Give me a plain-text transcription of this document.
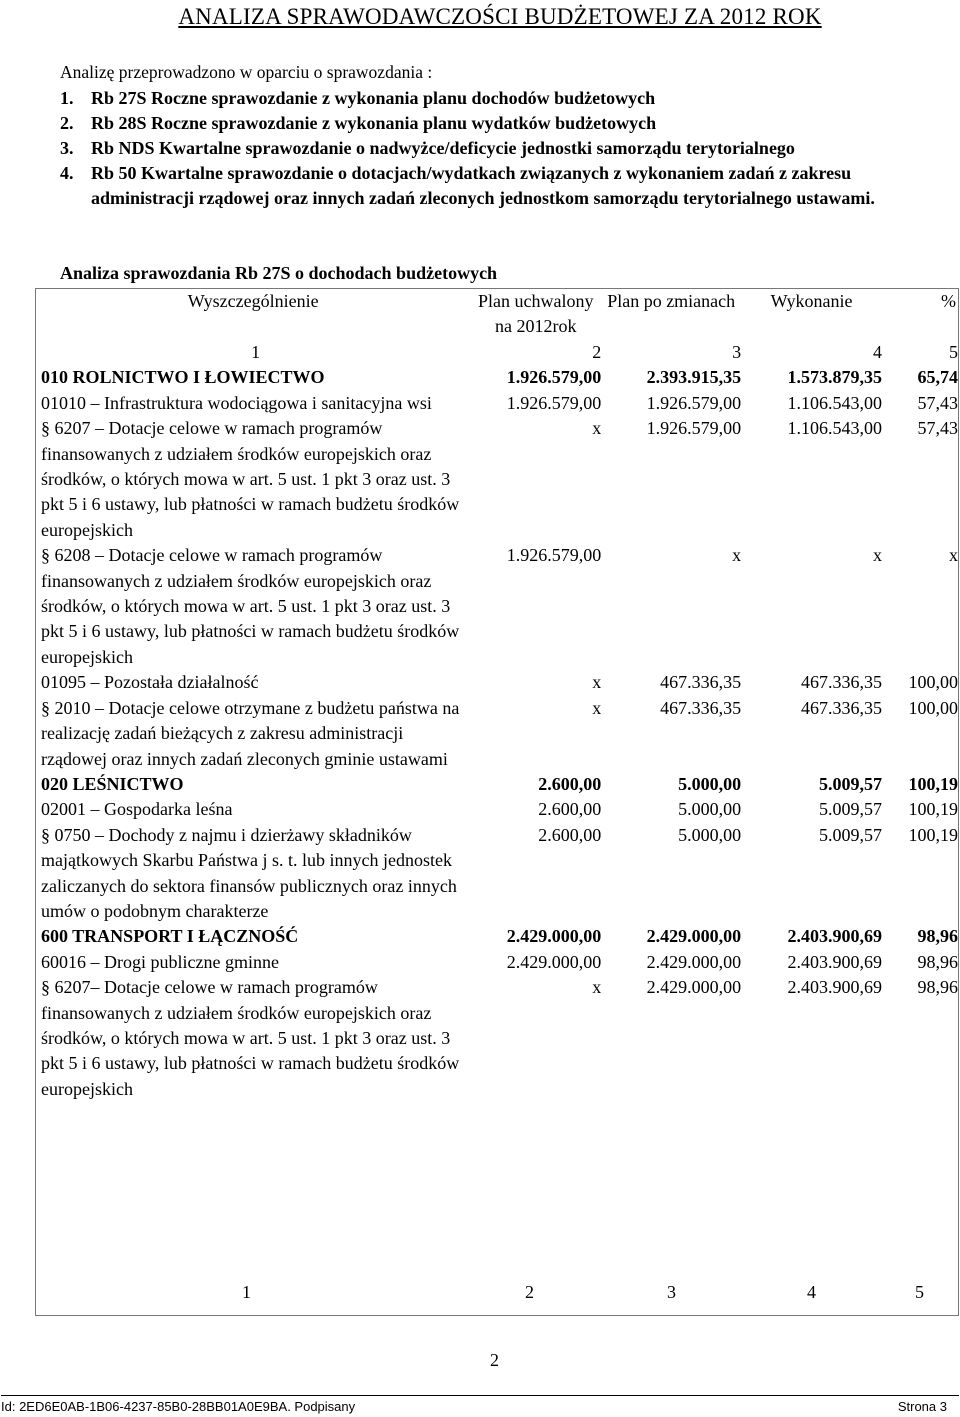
ANALIZA SPRAWODAWCZOŚCI BUDŻETOWEJ ZA 2012 ROK
Analizę przeprowadzono w oparciu o sprawozdania :
1. Rb 27S Roczne sprawozdanie z wykonania planu dochodów budżetowych
2. Rb 28S Roczne sprawozdanie z wykonania planu wydatków budżetowych
3. Rb NDS Kwartalne sprawozdanie o nadwyżce/deficycie jednostki samorządu terytorialnego
4. Rb 50 Kwartalne sprawozdanie o dotacjach/wydatkach związanych z wykonaniem zadań z zakresu administracji rządowej oraz innych zadań zleconych jednostkom samorządu terytorialnego ustawami.
Analiza sprawozdania Rb 27S o dochodach budżetowych
Wyszczególnienie	Plan uchwalony na 2012rok	Plan po zmianach	Wykonanie	%
1	2	3	4	5
010 ROLNICTWO I ŁOWIECTWO	1.926.579,00	2.393.915,35	1.573.879,35	65,74
01010 – Infrastruktura wodociągowa i sanitacyjna wsi	1.926.579,00	1.926.579,00	1.106.543,00	57,43
§ 6207 – Dotacje celowe w ramach programów finansowanych z udziałem środków europejskich oraz środków, o których mowa w art. 5 ust. 1 pkt 3 oraz ust. 3 pkt 5 i 6 ustawy, lub płatności w ramach budżetu środków europejskich	x	1.926.579,00	1.106.543,00	57,43
§ 6208 – Dotacje celowe w ramach programów finansowanych z udziałem środków europejskich oraz środków, o których mowa w art. 5 ust. 1 pkt 3 oraz ust. 3 pkt 5 i 6 ustawy, lub płatności w ramach budżetu środków europejskich	1.926.579,00	x	x	x
01095 – Pozostała działalność	x	467.336,35	467.336,35	100,00
§ 2010 – Dotacje celowe otrzymane z budżetu państwa na realizację zadań bieżących z zakresu administracji rządowej oraz innych zadań zleconych gminie ustawami	x	467.336,35	467.336,35	100,00
020 LEŚNICTWO	2.600,00	5.000,00	5.009,57	100,19
02001 – Gospodarka leśna	2.600,00	5.000,00	5.009,57	100,19
§ 0750 – Dochody z najmu i dzierżawy składników majątkowych Skarbu Państwa j s. t. lub innych jednostek zaliczanych do sektora finansów publicznych oraz innych umów o podobnym charakterze	2.600,00	5.000,00	5.009,57	100,19
600 TRANSPORT I ŁĄCZNOŚĆ	2.429.000,00	2.429.000,00	2.403.900,69	98,96
60016 – Drogi publiczne gminne	2.429.000,00	2.429.000,00	2.403.900,69	98,96
§ 6207– Dotacje celowe w ramach programów finansowanych z udziałem środków europejskich oraz środków, o których mowa w art. 5 ust. 1 pkt 3 oraz ust. 3 pkt 5 i 6 ustawy, lub płatności w ramach budżetu środków europejskich	x	2.429.000,00	2.403.900,69	98,96
1	2	3	4	5
2
Id: 2ED6E0AB-1B06-4237-85B0-28BB01A0E9BA. Podpisany	Strona 3
